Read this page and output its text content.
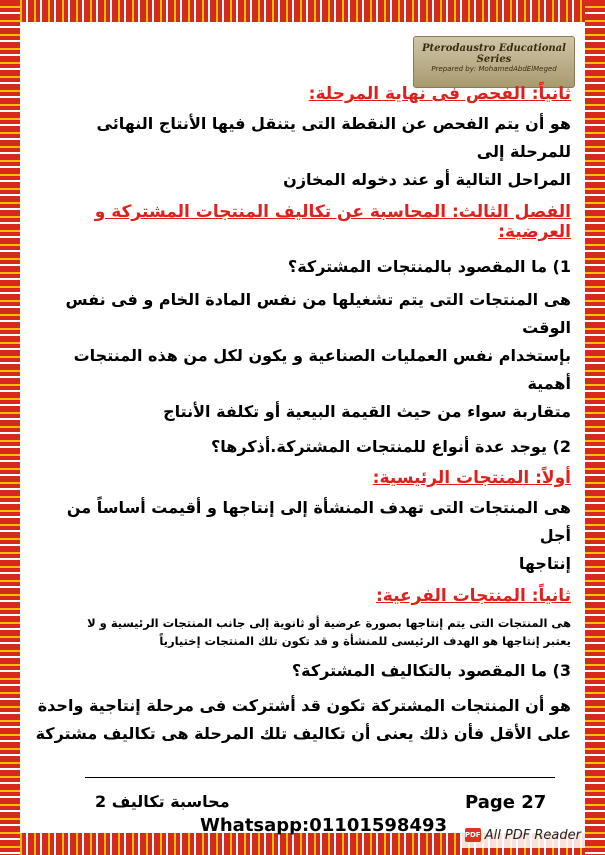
Pterodaustro Educational Series
Prepared by: MohamedAbdElMeged

ثانياً: الفحص فى نهاية المرحلة:

هو أن يتم الفحص عن النقطة التى يتنقل فيها الأنتاج النهائى للمرحلة إلى

المراحل التالية أو عند دخوله المخازن

الفصل الثالث: المحاسبة عن تكاليف المنتجات المشتركة و العرضية:

1) ما المقصود بالمنتجات المشتركة؟

هى المنتجات التى يتم تشغيلها من نفس المادة الخام و فى نفس الوقت

بإستخدام نفس العمليات الصناعية و يكون لكل من هذه المنتجات أهمية

متقاربة سواء من حيث القيمة البيعية أو تكلفة الأنتاج

2) يوجد عدة أنواع للمنتجات المشتركة.أذكرها؟

أولاً: المنتجات الرئيسية:

هى المنتجات التى تهدف المنشأة إلى إنتاجها و أقيمت أساساً من أجل

إنتاجها

ثانياً: المنتجات الفرعية:

هى المنتجات التى يتم إنتاجها بصورة عرضية أو ثانوية إلى جانب المنتجات الرئيسية و لا

يعتبر إنتاجها هو الهدف الرئيسى للمنشأة و قد تكون تلك المنتجات إختيارياً

3) ما المقصود بالتكاليف المشتركة؟

هو أن المنتجات المشتركة تكون قد أشتركت فى مرحلة إنتاجية واحدة

على الأقل فأن ذلك يعنى أن تكاليف تلك المرحلة هى تكاليف مشتركة

Page 27
محاسبة تكاليف 2
Whatsapp:01101598493	PDF All PDF Reader
